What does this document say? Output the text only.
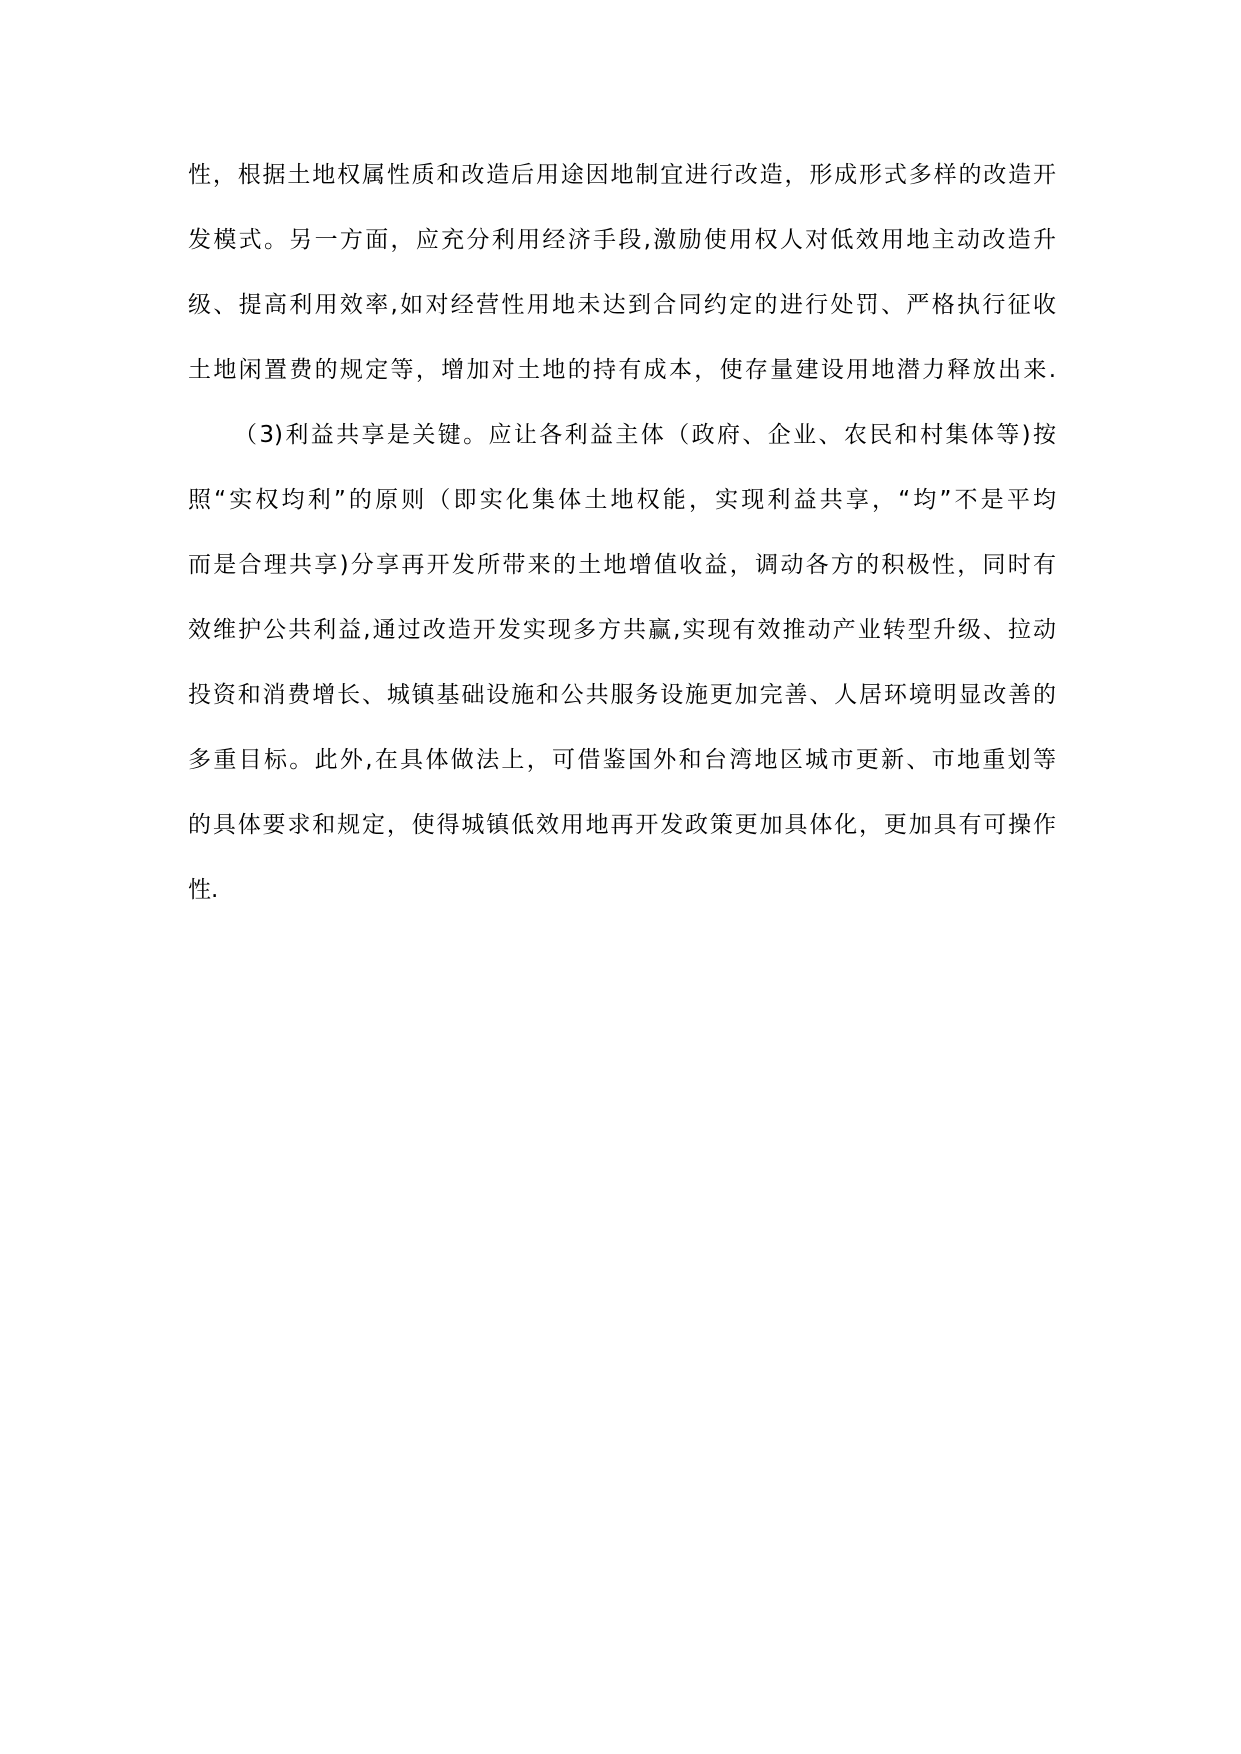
性，根据土地权属性质和改造后用途因地制宜进行改造，形成形式多样的改造开
发模式。另一方面，应充分利用经济手段,激励使用权人对低效用地主动改造升
级、提高利用效率,如对经营性用地未达到合同约定的进行处罚、严格执行征收
土地闲置费的规定等，增加对土地的持有成本，使存量建设用地潜力释放出来.
（3)利益共享是关键。应让各利益主体（政府、企业、农民和村集体等)按
照“实权均利”的原则（即实化集体土地权能，实现利益共享，“均”不是平均
而是合理共享)分享再开发所带来的土地增值收益，调动各方的积极性，同时有
效维护公共利益,通过改造开发实现多方共赢,实现有效推动产业转型升级、拉动
投资和消费增长、城镇基础设施和公共服务设施更加完善、人居环境明显改善的
多重目标。此外,在具体做法上，可借鉴国外和台湾地区城市更新、市地重划等
的具体要求和规定，使得城镇低效用地再开发政策更加具体化，更加具有可操作
性.
